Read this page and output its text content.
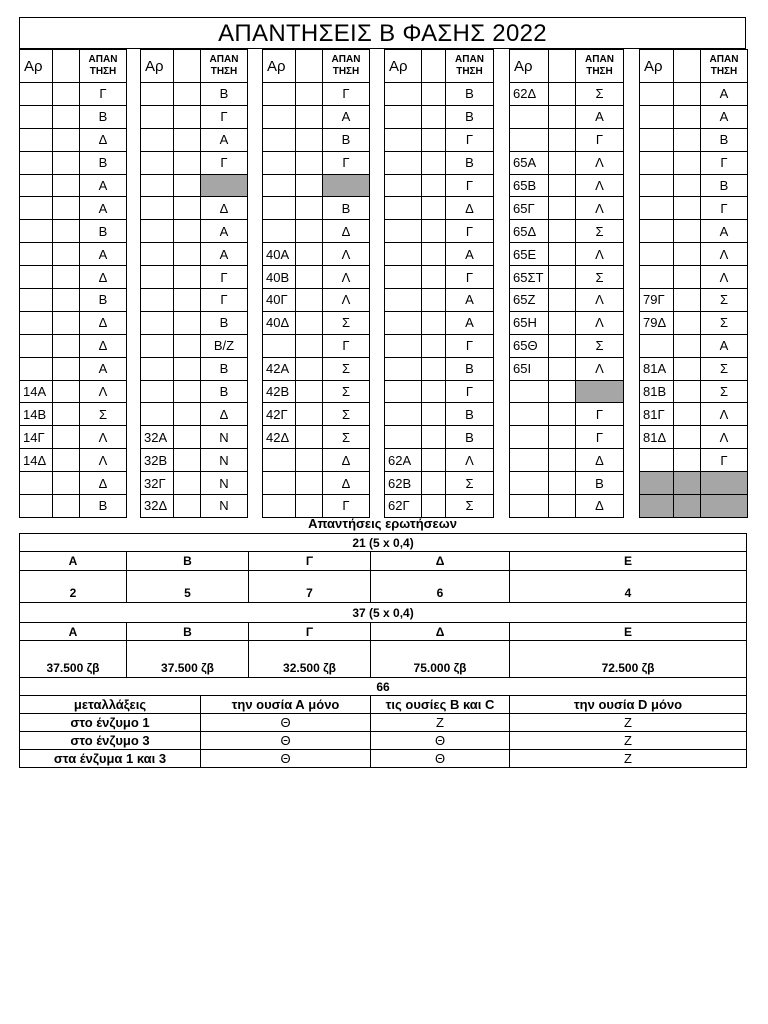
ΑΠΑΝΤΗΣΕΙΣ Β ΦΑΣΗΣ 2022
Αρ		ΑΠΑΝ
ΤΗΣΗ
		Γ
		Β
		Δ
		Β
		Α
		Α
		Β
		Α
		Δ
		Β
		Δ
		Δ
		Α
14Α		Λ
14Β		Σ
14Γ		Λ
14Δ		Λ
		Δ
		Β
Αρ		ΑΠΑΝ
ΤΗΣΗ
		Β
		Γ
		Α
		Γ

		Δ
		Α
		Α
		Γ
		Γ
		Β
		Β/Ζ
		Β
		Β
		Δ
32Α		Ν
32Β		Ν
32Γ		Ν
32Δ		Ν
Αρ		ΑΠΑΝ
ΤΗΣΗ
		Γ
		Α
		Β
		Γ

		Β
		Δ
40Α		Λ
40Β		Λ
40Γ		Λ
40Δ		Σ
		Γ
42Α		Σ
42Β		Σ
42Γ		Σ
42Δ		Σ
		Δ
		Δ
		Γ
Αρ		ΑΠΑΝ
ΤΗΣΗ
		Β
		Β
		Γ
		Β
		Γ
		Δ
		Γ
		Α
		Γ
		Α
		Α
		Γ
		Β
		Γ
		Β
		Β
62Α		Λ
62Β		Σ
62Γ		Σ
Αρ		ΑΠΑΝ
ΤΗΣΗ
62Δ		Σ
		Α
		Γ
65Α		Λ
65Β		Λ
65Γ		Λ
65Δ		Σ
65Ε		Λ
65ΣΤ		Σ
65Ζ		Λ
65Η		Λ
65Θ		Σ
65Ι		Λ

		Γ
		Γ
		Δ
		Β
		Δ
Αρ		ΑΠΑΝ
ΤΗΣΗ
		Α
		Α
		Β
		Γ
		Β
		Γ
		Α
		Λ
		Λ
79Γ		Σ
79Δ		Σ
		Α
81Α		Σ
81Β		Σ
81Γ		Λ
81Δ		Λ
		Γ

Απαντήσεις ερωτήσεων
21 (5 x 0,4)				
Α	Β	Γ	Δ	Ε
2	5	7	6	4
37 (5 x 0,4)				
Α	Β	Γ	Δ	Ε
37.500 ζβ	37.500 ζβ	32.500 ζβ	75.000 ζβ	72.500 ζβ
66				
μεταλλάξεις	την ουσία Α μόνο	τις ουσίες B και C	την ουσία D μόνο
στο ένζυμο 1	Θ	Ζ	Ζ
στο ένζυμο 3	Θ	Θ	Ζ
στα ένζυμα 1 και 3	Θ	Θ	Ζ
